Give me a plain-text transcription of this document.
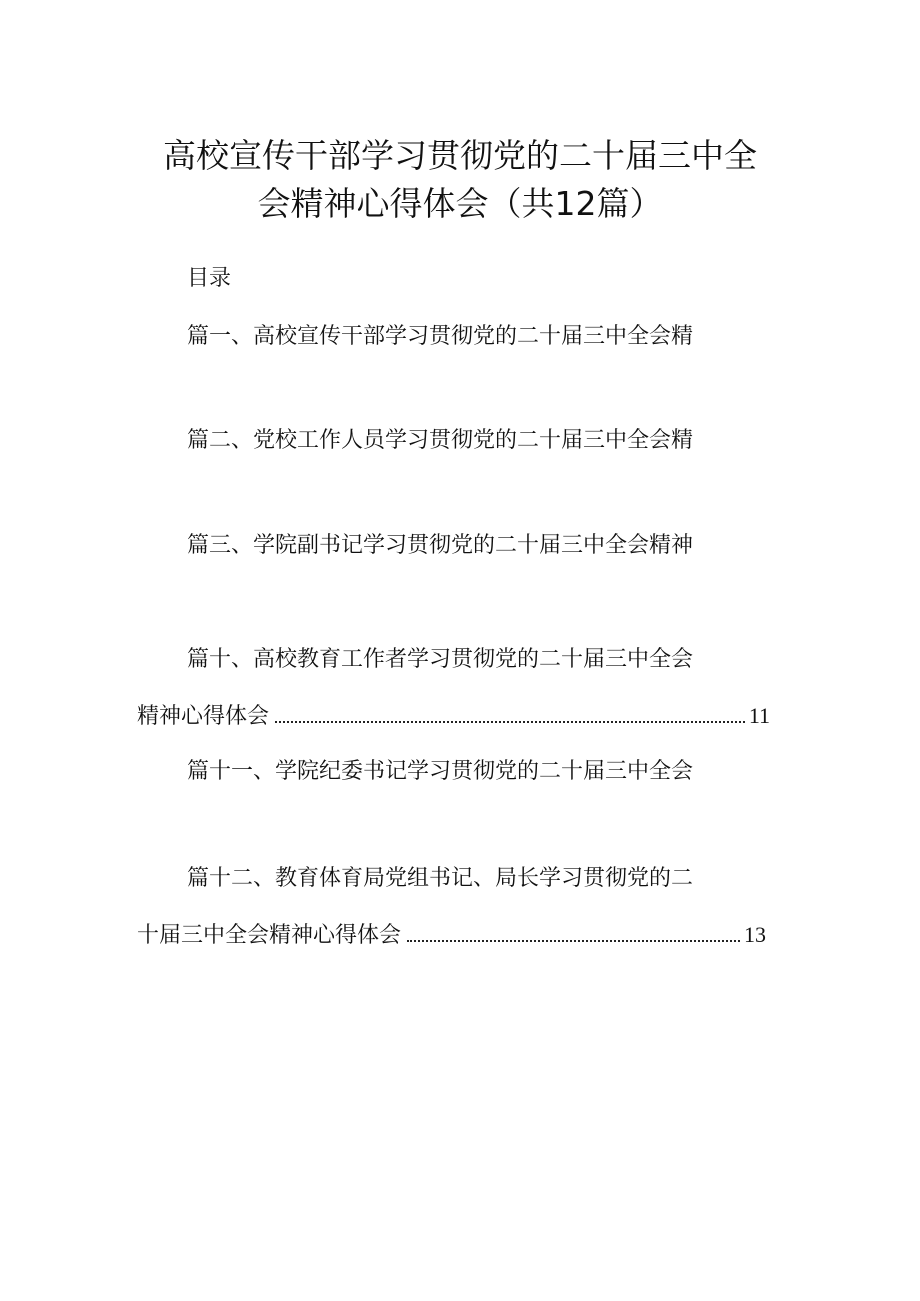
高校宣传干部学习贯彻党的二十届三中全
会精神心得体会（共12篇）
目录
篇一、高校宣传干部学习贯彻党的二十届三中全会精
篇二、党校工作人员学习贯彻党的二十届三中全会精
篇三、学院副书记学习贯彻党的二十届三中全会精神
篇十、高校教育工作者学习贯彻党的二十届三中全会
精神心得体会	11
篇十一、学院纪委书记学习贯彻党的二十届三中全会
篇十二、教育体育局党组书记、局长学习贯彻党的二
十届三中全会精神心得体会	13
